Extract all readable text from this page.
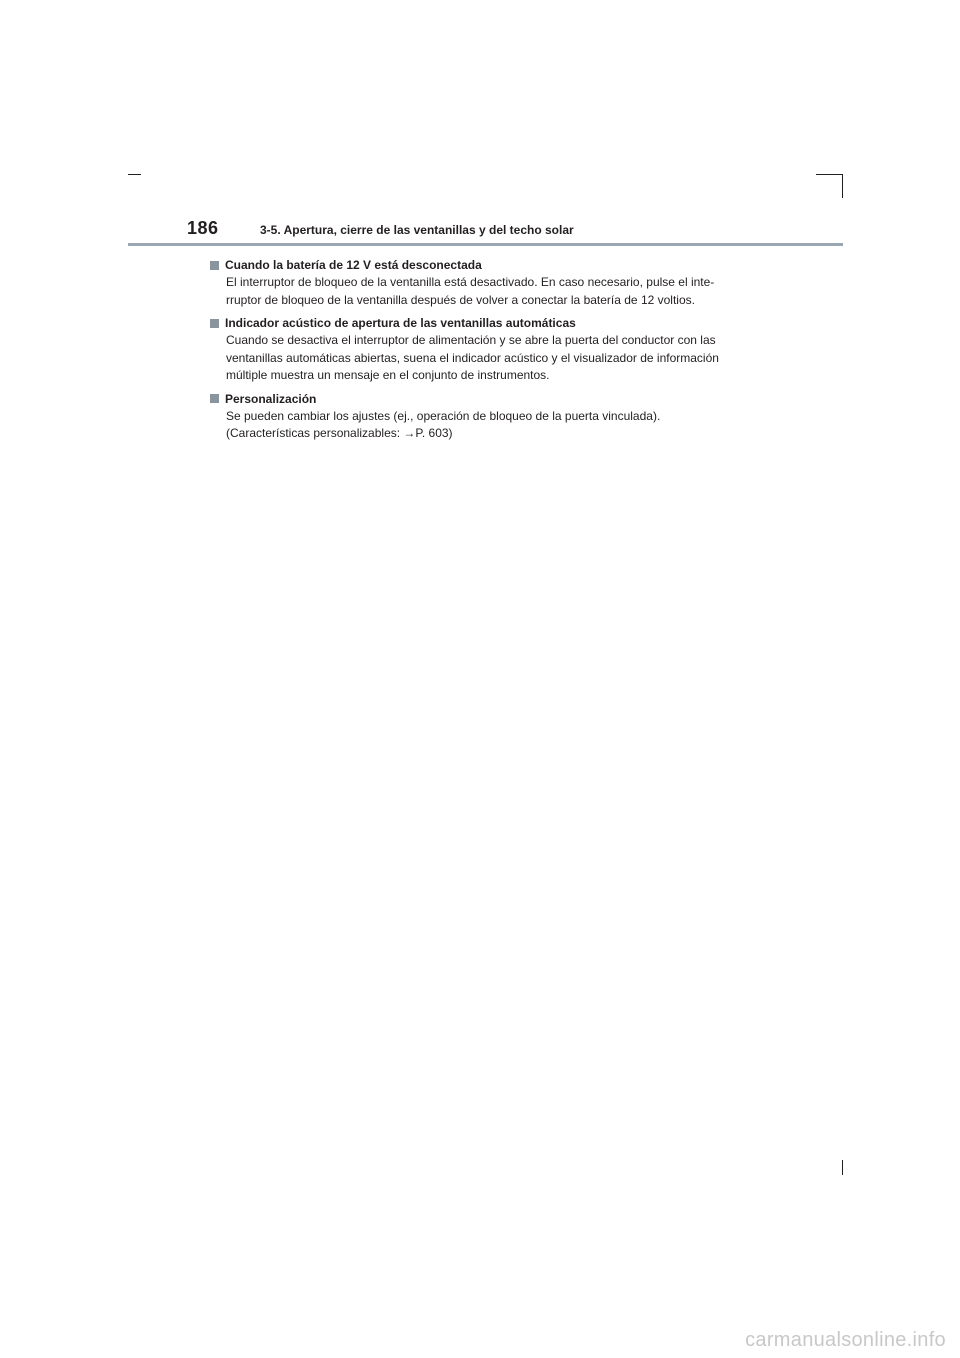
186	3-5. Apertura, cierre de las ventanillas y del techo solar
Cuando la batería de 12 V está desconectada

El interruptor de bloqueo de la ventanilla está desactivado. En caso necesario, pulse el inte-

rruptor de bloqueo de la ventanilla después de volver a conectar la batería de 12 voltios.

Indicador acústico de apertura de las ventanillas automáticas

Cuando se desactiva el interruptor de alimentación y se abre la puerta del conductor con las

ventanillas automáticas abiertas, suena el indicador acústico y el visualizador de información

múltiple muestra un mensaje en el conjunto de instrumentos.

Personalización

Se pueden cambiar los ajustes (ej., operación de bloqueo de la puerta vinculada).

(Características personalizables: →P. 603)

carmanualsonline.info
